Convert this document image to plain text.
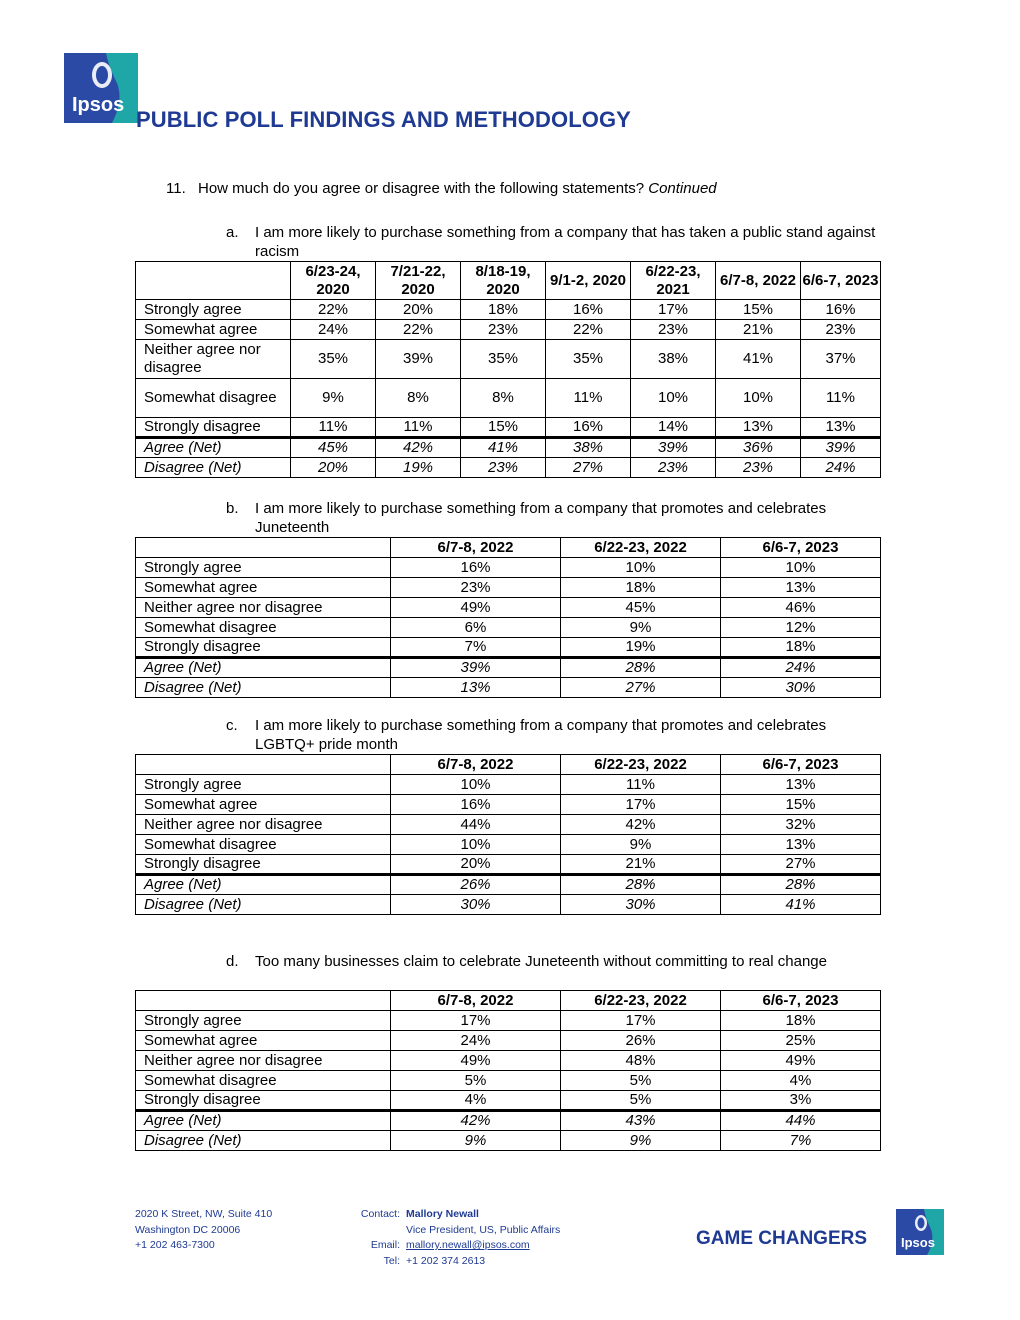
Ipsos
PUBLIC POLL FINDINGS AND METHODOLOGY
11. How much do you agree or disagree with the following statements? Continued
a. I am more likely to purchase something from a company that has taken a public stand against racism
	6/23-24, 2020	7/21-22, 2020	8/18-19, 2020	9/1-2, 2020	6/22-23, 2021	6/7-8, 2022	6/6-7, 2023
Strongly agree	22%	20%	18%	16%	17%	15%	16%
Somewhat agree	24%	22%	23%	22%	23%	21%	23%
Neither agree nor disagree	35%	39%	35%	35%	38%	41%	37%
Somewhat disagree	9%	8%	8%	11%	10%	10%	11%
Strongly disagree	11%	11%	15%	16%	14%	13%	13%
Agree (Net)	45%	42%	41%	38%	39%	36%	39%
Disagree (Net)	20%	19%	23%	27%	23%	23%	24%
b. I am more likely to purchase something from a company that promotes and celebrates Juneteenth
	6/7-8, 2022	6/22-23, 2022	6/6-7, 2023
Strongly agree	16%	10%	10%
Somewhat agree	23%	18%	13%
Neither agree nor disagree	49%	45%	46%
Somewhat disagree	6%	9%	12%
Strongly disagree	7%	19%	18%
Agree (Net)	39%	28%	24%
Disagree (Net)	13%	27%	30%
c. I am more likely to purchase something from a company that promotes and celebrates LGBTQ+ pride month
	6/7-8, 2022	6/22-23, 2022	6/6-7, 2023
Strongly agree	10%	11%	13%
Somewhat agree	16%	17%	15%
Neither agree nor disagree	44%	42%	32%
Somewhat disagree	10%	9%	13%
Strongly disagree	20%	21%	27%
Agree (Net)	26%	28%	28%
Disagree (Net)	30%	30%	41%
d. Too many businesses claim to celebrate Juneteenth without committing to real change
	6/7-8, 2022	6/22-23, 2022	6/6-7, 2023
Strongly agree	17%	17%	18%
Somewhat agree	24%	26%	25%
Neither agree nor disagree	49%	48%	49%
Somewhat disagree	5%	5%	4%
Strongly disagree	4%	5%	3%
Agree (Net)	42%	43%	44%
Disagree (Net)	9%	9%	7%
2020 K Street, NW, Suite 410
Washington DC 20006
+1 202 463-7300
Contact: Mallory Newall
Vice President, US, Public Affairs
Email: mallory.newall@ipsos.com
Tel: +1 202 374 2613
GAME CHANGERS	Ipsos
